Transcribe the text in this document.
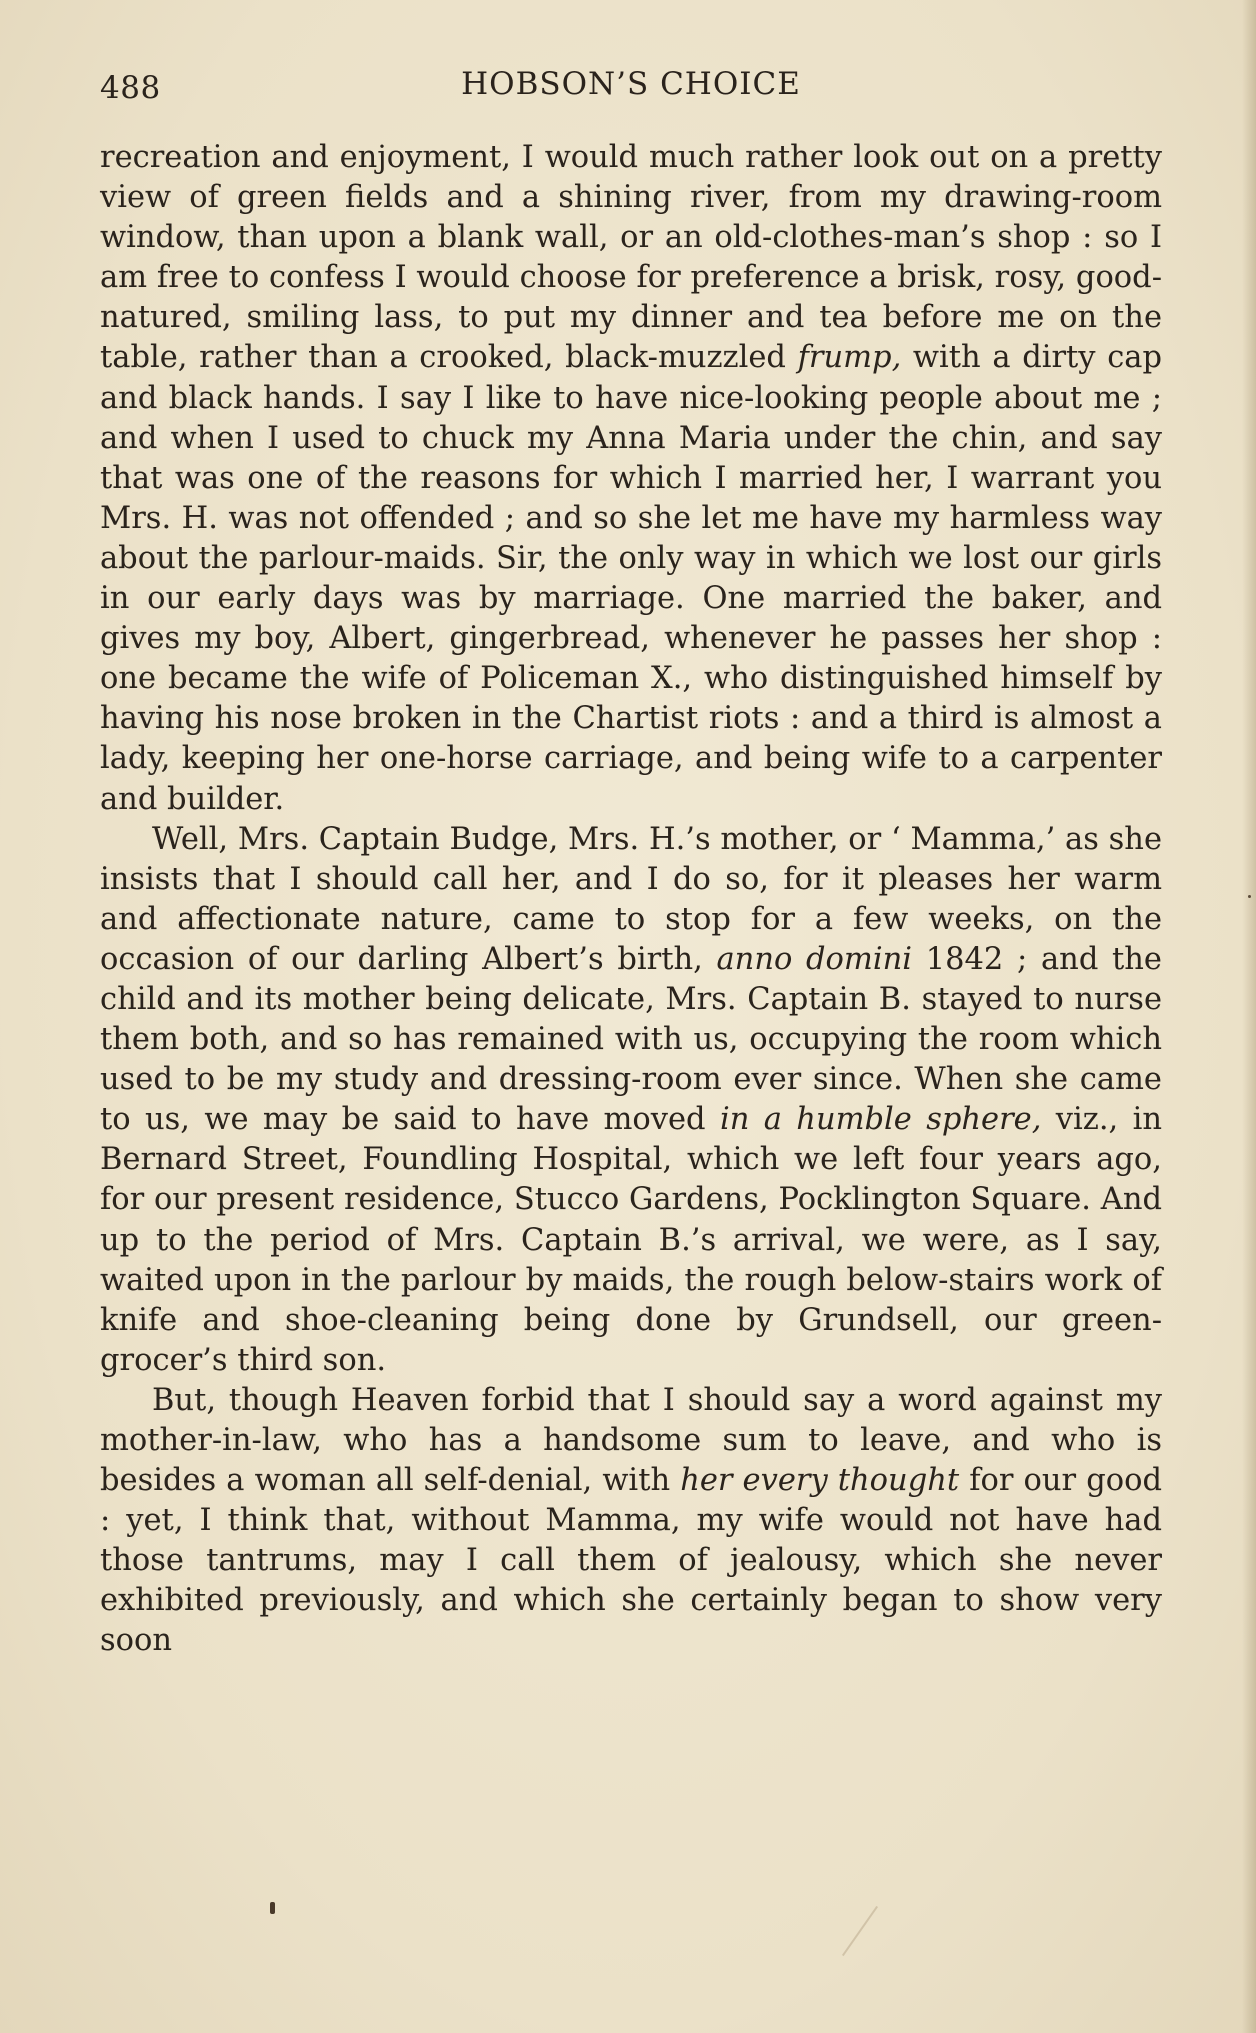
HOBSON’S CHOICE
488

recreation and enjoyment, I would much rather look out on a pretty view of green fields and a shining river, from my drawing-room window, than upon a blank wall, or an old-clothes-man’s shop : so I am free to confess I would choose for preference a brisk, rosy, good-natured, smiling lass, to put my dinner and tea before me on the table, rather than a crooked, black-muzzled frump, with a dirty cap and black hands. I say I like to have nice-looking people about me ; and when I used to chuck my Anna Maria under the chin, and say that was one of the reasons for which I married her, I warrant you Mrs. H. was not offended ; and so she let me have my harmless way about the parlour-maids. Sir, the only way in which we lost our girls in our early days was by marriage. One married the baker, and gives my boy, Albert, gingerbread, whenever he passes her shop : one became the wife of Policeman X., who distinguished himself by having his nose broken in the Chartist riots : and a third is almost a lady, keeping her one-horse carriage, and being wife to a carpenter and builder.

Well, Mrs. Captain Budge, Mrs. H.’s mother, or ‘ Mamma,’ as she insists that I should call her, and I do so, for it pleases her warm and affectionate nature, came to stop for a few weeks, on the occasion of our darling Albert’s birth, anno domini 1842 ; and the child and its mother being delicate, Mrs. Captain B. stayed to nurse them both, and so has remained with us, occupying the room which used to be my study and dressing-room ever since. When she came to us, we may be said to have moved in a humble sphere, viz., in Bernard Street, Foundling Hospital, which we left four years ago, for our present residence, Stucco Gardens, Pocklington Square. And up to the period of Mrs. Captain B.’s arrival, we were, as I say, waited upon in the parlour by maids, the rough below-stairs work of knife and shoe-cleaning being done by Grundsell, our green-grocer’s third son.

But, though Heaven forbid that I should say a word against my mother-in-law, who has a handsome sum to leave, and who is besides a woman all self-denial, with her every thought for our good : yet, I think that, without Mamma, my wife would not have had those tantrums, may I call them of jealousy, which she never exhibited previously, and which she certainly began to show very soon
